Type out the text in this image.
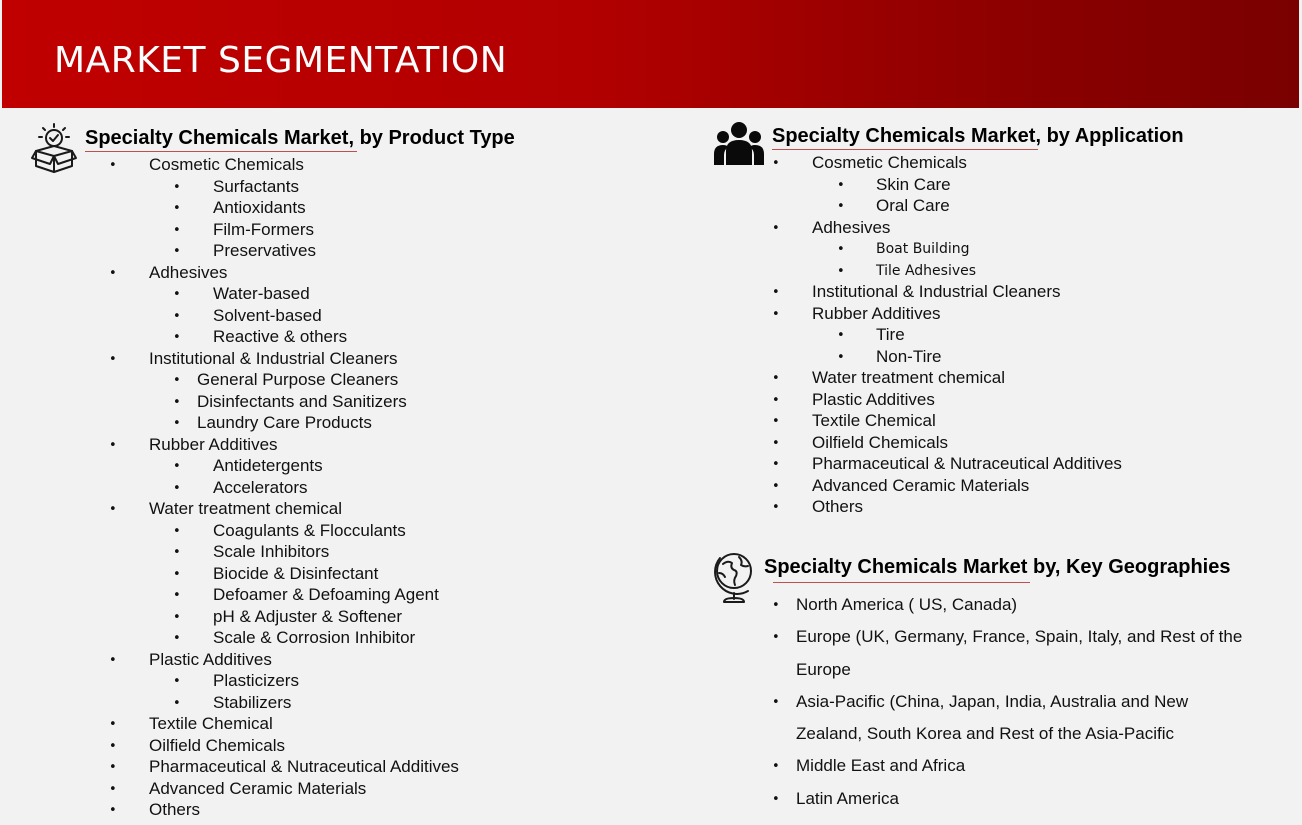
MARKET SEGMENTATION
Specialty Chemicals Market, by Product Type
• Cosmetic Chemicals
• Surfactants
• Antioxidants
• Film-Formers
• Preservatives
• Adhesives
• Water-based
• Solvent-based
• Reactive & others
• Institutional & Industrial Cleaners
• General Purpose Cleaners
• Disinfectants and Sanitizers
• Laundry Care Products
• Rubber Additives
• Antidetergents
• Accelerators
• Water treatment chemical
• Coagulants & Flocculants
• Scale Inhibitors
• Biocide & Disinfectant
• Defoamer & Defoaming Agent
• pH & Adjuster & Softener
• Scale & Corrosion Inhibitor
• Plastic Additives
• Plasticizers
• Stabilizers
• Textile Chemical
• Oilfield Chemicals
• Pharmaceutical & Nutraceutical Additives
• Advanced Ceramic Materials
• Others
Specialty Chemicals Market, by Application
• Cosmetic Chemicals
• Skin Care
• Oral Care
• Adhesives
• Boat Building
• Tile Adhesives
• Institutional & Industrial Cleaners
• Rubber Additives
• Tire
• Non-Tire
• Water treatment chemical
• Plastic Additives
• Textile Chemical
• Oilfield Chemicals
• Pharmaceutical & Nutraceutical Additives
• Advanced Ceramic Materials
• Others
Specialty Chemicals Market by, Key Geographies
• North America ( US, Canada)
• Europe (UK, Germany, France, Spain, Italy, and Rest of the
Europe
• Asia-Pacific (China, Japan, India, Australia and New
Zealand, South Korea and Rest of the Asia-Pacific
• Middle East and Africa
• Latin America
